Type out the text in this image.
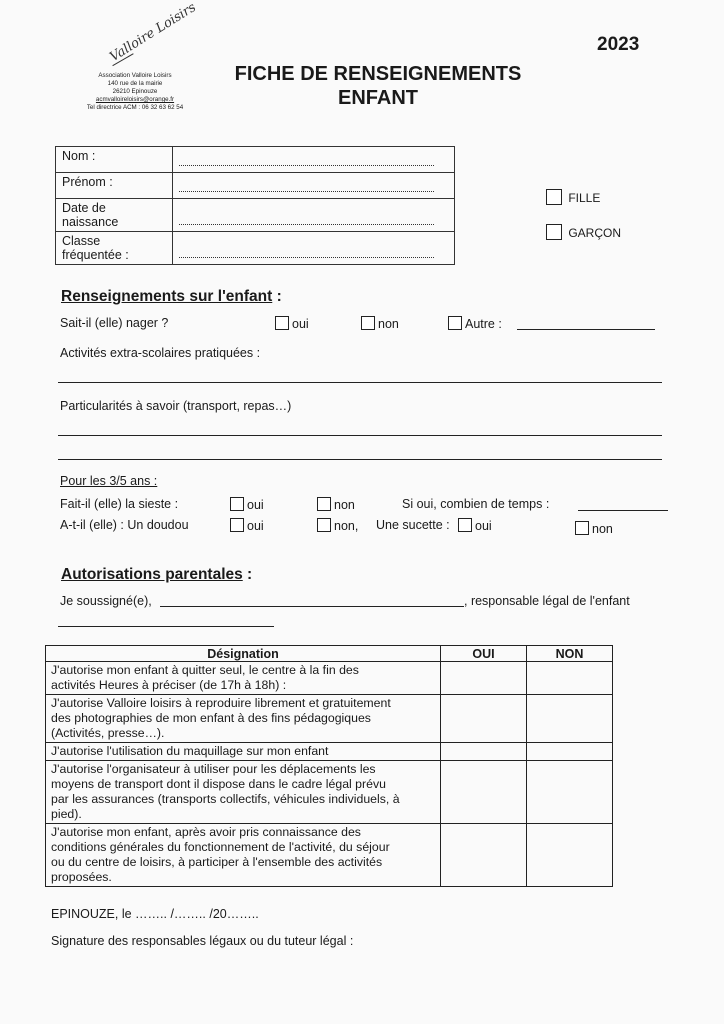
2023
Valloire Loisirs
Association Valloire Loisirs
140 rue de la mairie
26210 Epinouze
acmvalloireloisirs@orange.fr
Tel directrice ACM : 06 32 63 62 54
FICHE DE RENSEIGNEMENTS
ENFANT
Nom :	

Prénom :	

Date de
naissance	

Classe
fréquentée :	

FILLE
GARÇON
Renseignements sur l'enfant :
Sait-il (elle) nager ?	oui	non	Autre :
Activités extra-scolaires pratiquées :
Particularités à savoir (transport, repas…)
Pour les 3/5 ans :
Fait-il (elle) la sieste :	oui	non	Si oui, combien de temps :
A-t-il (elle) : Un doudou	oui	non, Une sucette :	oui	non
Autorisations parentales :
Je soussigné(e),	, responsable légal de l'enfant
Désignation	OUI	NON

J'autorise mon enfant à quitter seul, le centre à la fin des
activités Heures à préciser (de 17h à 18h) :		

J'autorise Valloire loisirs à reproduire librement et gratuitement
des photographies de mon enfant à des fins pédagogiques
(Activités, presse…).		

J'autorise l'utilisation du maquillage sur mon enfant		

J'autorise l'organisateur à utiliser pour les déplacements les
moyens de transport dont il dispose dans le cadre légal prévu
par les assurances (transports collectifs, véhicules individuels, à
pied).		

J'autorise mon enfant, après avoir pris connaissance des
conditions générales du fonctionnement de l'activité, du séjour
ou du centre de loisirs, à participer à l'ensemble des activités
proposées.		

EPINOUZE, le …….. /…….. /20……..
Signature des responsables légaux ou du tuteur légal :
